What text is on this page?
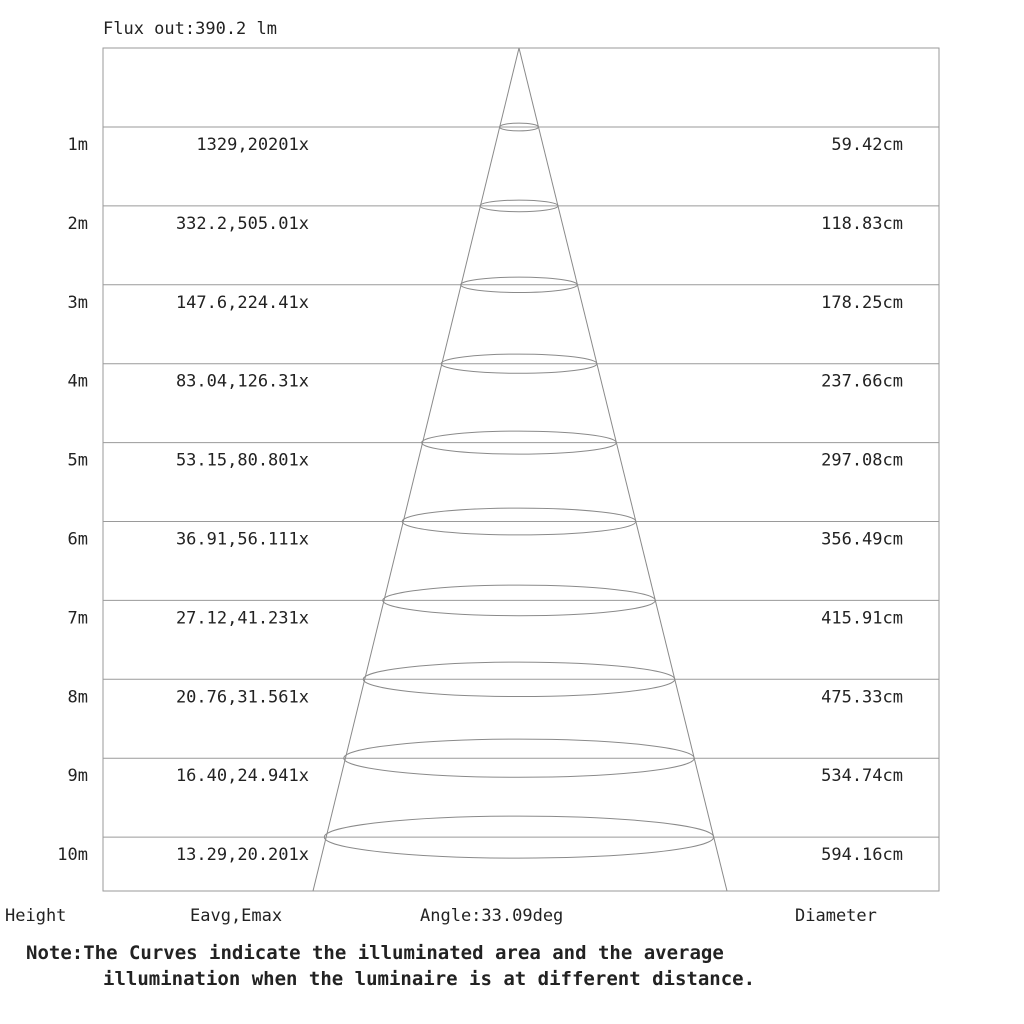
Flux out:390.2 lm
1m	1329,20201x	59.42cm
2m	332.2,505.01x	118.83cm
3m	147.6,224.41x	178.25cm
4m	83.04,126.31x	237.66cm
5m	53.15,80.801x	297.08cm
6m	36.91,56.111x	356.49cm
7m	27.12,41.231x	415.91cm
8m	20.76,31.561x	475.33cm
9m	16.40,24.941x	534.74cm
10m	13.29,20.201x	594.16cm
Height	Eavg,Emax	Angle:33.09deg	Diameter
Note:The Curves indicate the illuminated area and the average
illumination when the luminaire is at different distance.
